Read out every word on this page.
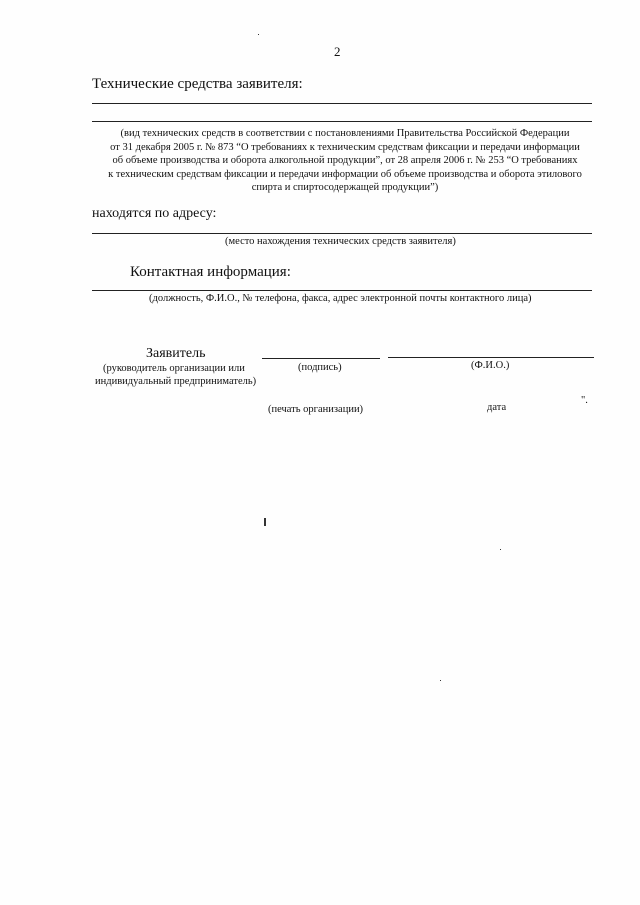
2
Технические средства заявителя:
(вид технических средств в соответствии с постановлениями Правительства Российской Федерации
от 31 декабря 2005 г. № 873 “О требованиях к техническим средствам фиксации и передачи информации
об объеме производства и оборота алкогольной продукции”, от 28 апреля 2006 г. № 253 “О требованиях
к техническим средствам фиксации и передачи информации об объеме производства и оборота этилового
спирта и спиртосодержащей продукции”)
находятся по адресу:
(место нахождения технических средств заявителя)
Контактная информация:
(должность, Ф.И.О., № телефона, факса, адрес электронной почты контактного лица)
Заявитель
(руководитель организации или
индивидуальный предприниматель)
(подпись)	(Ф.И.О.)
(печать организации)	дата
".
